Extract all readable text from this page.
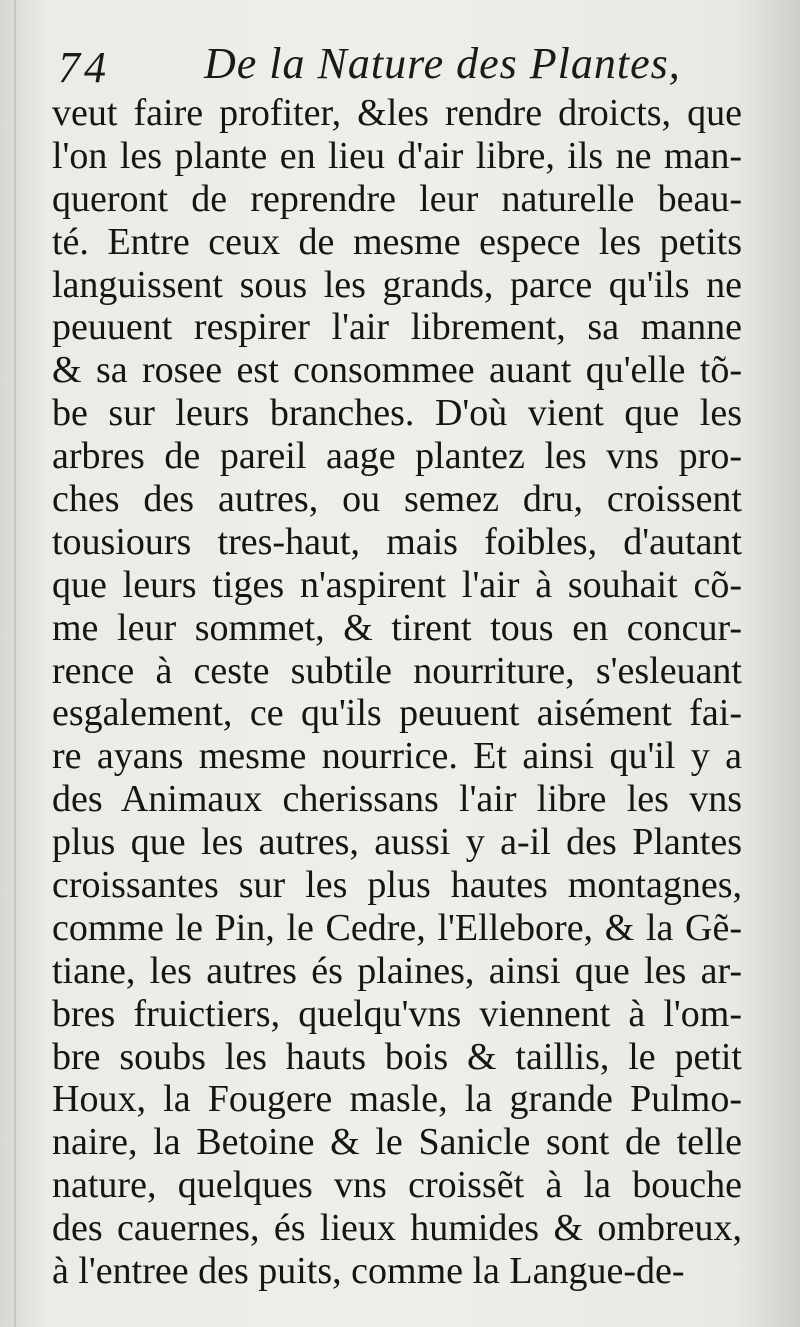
74 De la Nature des Plantes,
veut faire profiter, &les rendre droicts, que
l'on les plante en lieu d'air libre, ils ne man-
queront de reprendre leur naturelle beau-
té. Entre ceux de mesme espece les petits
languissent sous les grands, parce qu'ils ne
peuuent respirer l'air librement, sa manne
& sa rosee est consommee auant qu'elle tõ-
be sur leurs branches. D'où vient que les
arbres de pareil aage plantez les vns pro-
ches des autres, ou semez dru, croissent
tousiours tres-haut, mais foibles, d'autant
que leurs tiges n'aspirent l'air à souhait cõ-
me leur sommet, & tirent tous en concur-
rence à ceste subtile nourriture, s'esleuant
esgalement, ce qu'ils peuuent aisément fai-
re ayans mesme nourrice. Et ainsi qu'il y a
des Animaux cherissans l'air libre les vns
plus que les autres, aussi y a-il des Plantes
croissantes sur les plus hautes montagnes,
comme le Pin, le Cedre, l'Ellebore, & la Gẽ-
tiane, les autres és plaines, ainsi que les ar-
bres fruictiers, quelqu'vns viennent à l'om-
bre soubs les hauts bois & taillis, le petit
Houx, la Fougere masle, la grande Pulmo-
naire, la Betoine & le Sanicle sont de telle
nature, quelques vns croissẽt à la bouche
des cauernes, és lieux humides & ombreux,
à l'entree des puits, comme la Langue-de-
